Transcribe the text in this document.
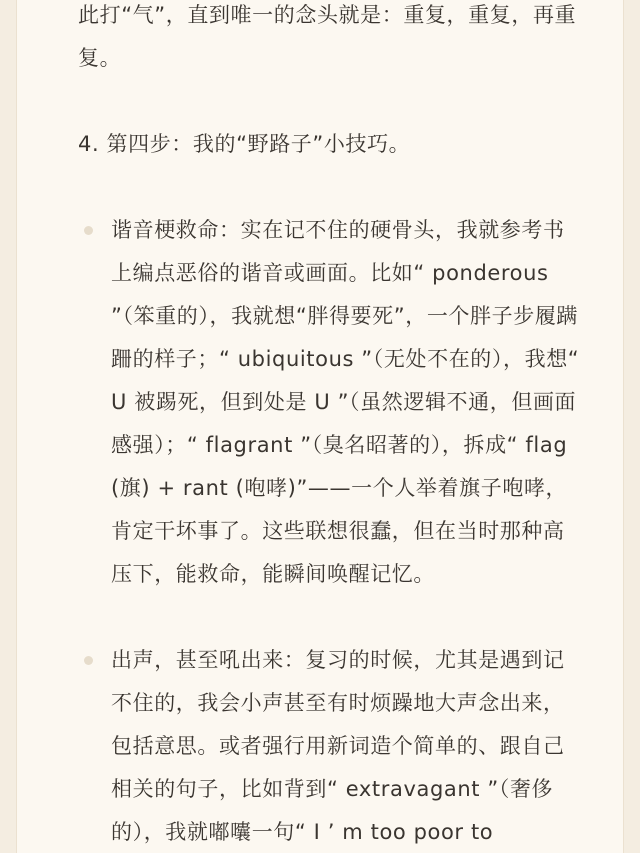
此打“气”，直到唯一的念头就是：重复，重复，再重复。

4. 第四步：我的“野路子”小技巧。

谐音梗救命：实在记不住的硬骨头，我就参考书上编点恶俗的谐音或画面。比如“ ponderous ”（笨重的），我就想“胖得要死”，一个胖子步履蹒跚的样子；“ ubiquitous ”（无处不在的），我想“ U 被踢死，但到处是 U ”（虽然逻辑不通，但画面感强）；“ flagrant ”（臭名昭著的），拆成“ flag (旗) + rant (咆哮)”——一个人举着旗子咆哮，肯定干坏事了。这些联想很蠢，但在当时那种高压下，能救命，能瞬间唤醒记忆。
出声，甚至吼出来：复习的时候，尤其是遇到记不住的，我会小声甚至有时烦躁地大声念出来，包括意思。或者强行用新词造个简单的、跟自己相关的句子，比如背到“ extravagant ”（奢侈的），我就嘟囔一句“ I ’ m too poor to
